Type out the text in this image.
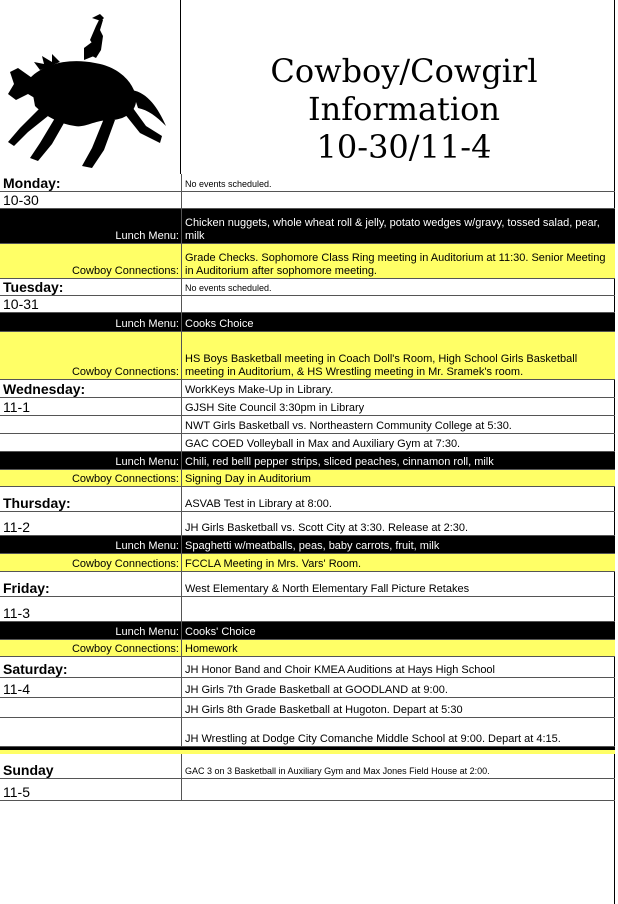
Cowboy/Cowgirl
Information
10-30/11-4
Monday:	No events scheduled.
10-30	
Lunch Menu:	Chicken nuggets, whole wheat roll & jelly, potato wedges w/gravy, tossed salad, pear, milk
Cowboy Connections:	Grade Checks. Sophomore Class Ring meeting in Auditorium at 11:30. Senior Meeting in Auditorium after sophomore meeting.
Tuesday:	No events scheduled.
10-31	
Lunch Menu:	Cooks Choice
Cowboy Connections:	HS Boys Basketball meeting in Coach Doll's Room, High School Girls Basketball meeting in Auditorium, & HS Wrestling meeting in Mr. Sramek's room.
Wednesday:	WorkKeys Make-Up in Library.
11-1	GJSH Site Council 3:30pm in Library
	NWT Girls Basketball vs. Northeastern Community College at 5:30.
	GAC COED Volleyball in Max and Auxiliary Gym at 7:30.
Lunch Menu:	Chili, red belll pepper strips, sliced peaches, cinnamon roll, milk
Cowboy Connections:	Signing Day in Auditorium
Thursday:	ASVAB Test in Library at 8:00.
11-2	JH Girls Basketball vs. Scott City at 3:30. Release at 2:30.
Lunch Menu:	Spaghetti w/meatballs, peas, baby carrots, fruit, milk
Cowboy Connections:	FCCLA Meeting in Mrs. Vars' Room.
Friday:	West Elementary & North Elementary Fall Picture Retakes
11-3	
Lunch Menu:	Cooks' Choice
Cowboy Connections:	Homework
Saturday:	JH Honor Band and Choir KMEA Auditions at Hays High School
11-4	JH Girls 7th Grade Basketball at GOODLAND at 9:00.
	JH Girls 8th Grade Basketball at Hugoton. Depart at 5:30
	JH Wrestling at Dodge City Comanche Middle School at 9:00. Depart at 4:15.

Sunday	GAC 3 on 3 Basketball in Auxiliary Gym and Max Jones Field House at 2:00.
11-5	
